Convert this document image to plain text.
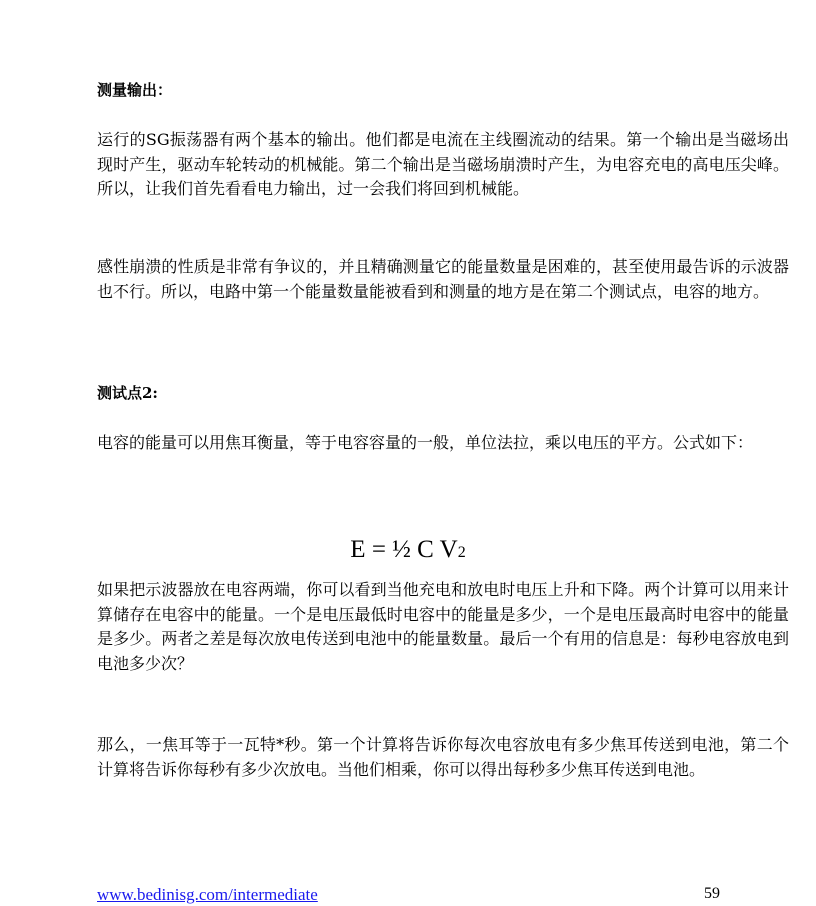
测量输出：

运行的SG振荡器有两个基本的输出。他们都是电流在主线圈流动的结果。第一个输出是当磁场出现时产生，驱动车轮转动的机械能。第二个输出是当磁场崩溃时产生，为电容充电的高电压尖峰。所以，让我们首先看看电力输出，过一会我们将回到机械能。

感性崩溃的性质是非常有争议的，并且精确测量它的能量数量是困难的，甚至使用最告诉的示波器也不行。所以，电路中第一个能量数量能被看到和测量的地方是在第二个测试点，电容的地方。

测试点2:

电容的能量可以用焦耳衡量，等于电容容量的一般，单位法拉，乘以电压的平方。公式如下：

E = ½ C V2

如果把示波器放在电容两端，你可以看到当他充电和放电时电压上升和下降。两个计算可以用来计算储存在电容中的能量。一个是电压最低时电容中的能量是多少，一个是电压最高时电容中的能量是多少。两者之差是每次放电传送到电池中的能量数量。最后一个有用的信息是：每秒电容放电到电池多少次？

那么，一焦耳等于一瓦特*秒。第一个计算将告诉你每次电容放电有多少焦耳传送到电池，第二个计算将告诉你每秒有多少次放电。当他们相乘，你可以得出每秒多少焦耳传送到电池。

www.bedinisg.com/intermediate	59
